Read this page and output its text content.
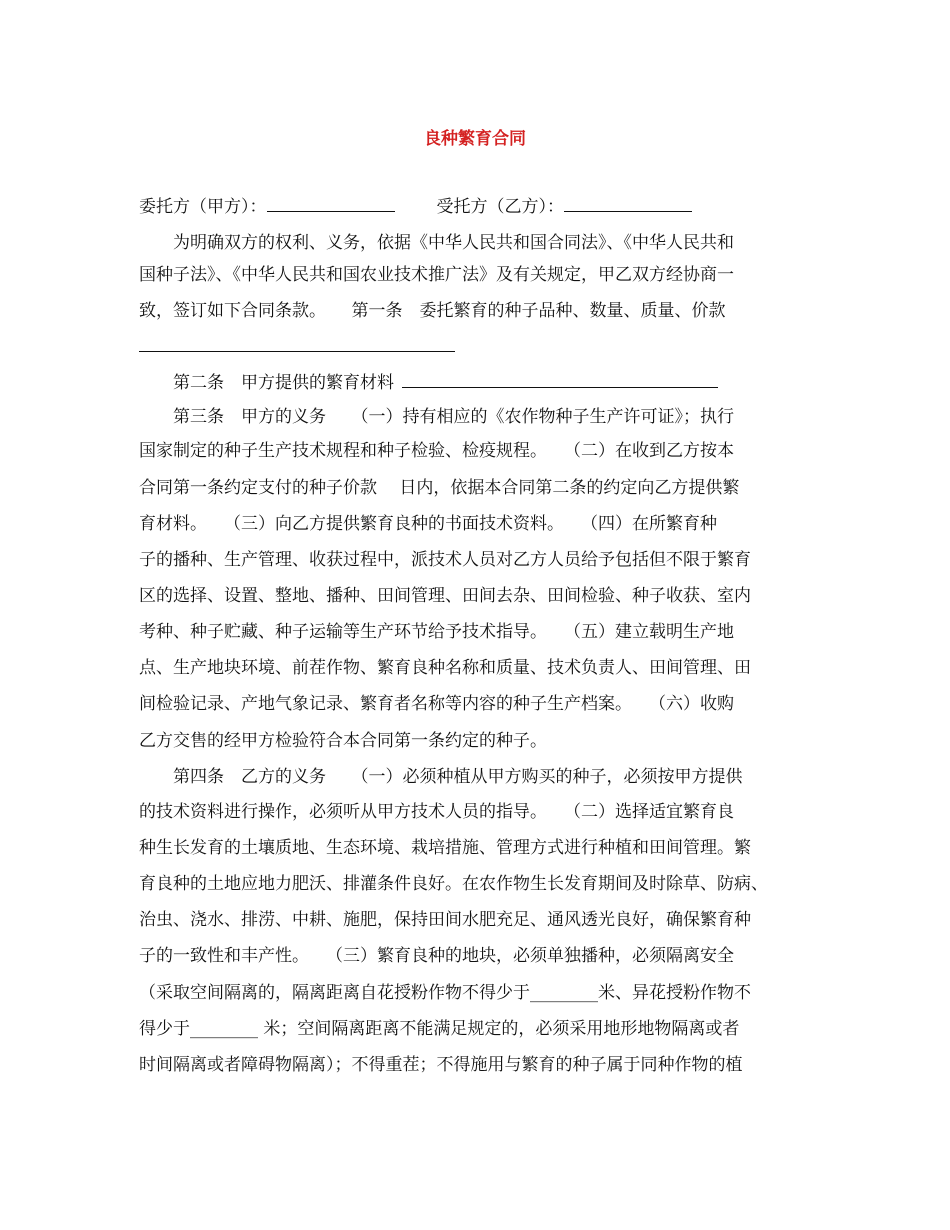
良种繁育合同
委托方（甲方）：	受托方（乙方）：
为明确双方的权利、义务，依据《中华人民共和国合同法》、《中华人民共和
国种子法》、《中华人民共和国农业技术推广法》及有关规定，甲乙双方经协商一
致，签订如下合同条款。　　第一条　委托繁育的种子品种、数量、质量、价款
第二条　甲方提供的繁育材料
第三条　甲方的义务　　（一）持有相应的《农作物种子生产许可证》；执行
国家制定的种子生产技术规程和种子检验、检疫规程。　　（二）在收到乙方按本
合同第一条约定支付的种子价款　 日内，依据本合同第二条的约定向乙方提供繁
育材料。　　（三）向乙方提供繁育良种的书面技术资料。　　（四）在所繁育种
子的播种、生产管理、收获过程中，派技术人员对乙方人员给予包括但不限于繁育
区的选择、设置、整地、播种、田间管理、田间去杂、田间检验、种子收获、室内
考种、种子贮藏、种子运输等生产环节给予技术指导。　　（五）建立载明生产地
点、生产地块环境、前茬作物、繁育良种名称和质量、技术负责人、田间管理、田
间检验记录、产地气象记录、繁育者名称等内容的种子生产档案。　　（六）收购
乙方交售的经甲方检验符合本合同第一条约定的种子。
第四条　乙方的义务　　（一）必须种植从甲方购买的种子，必须按甲方提供
的技术资料进行操作，必须听从甲方技术人员的指导。　　（二）选择适宜繁育良
种生长发育的土壤质地、生态环境、栽培措施、管理方式进行种植和田间管理。繁
育良种的土地应地力肥沃、排灌条件良好。在农作物生长发育期间及时除草、防病、
治虫、浇水、排涝、中耕、施肥，保持田间水肥充足、通风透光良好，确保繁育种
子的一致性和丰产性。　　（三）繁育良种的地块，必须单独播种，必须隔离安全
（采取空间隔离的，隔离距离自花授粉作物不得少于________米、异花授粉作物不
得少于________ 米；空间隔离距离不能满足规定的，必须采用地形地物隔离或者
时间隔离或者障碍物隔离）；不得重茬；不得施用与繁育的种子属于同种作物的植
